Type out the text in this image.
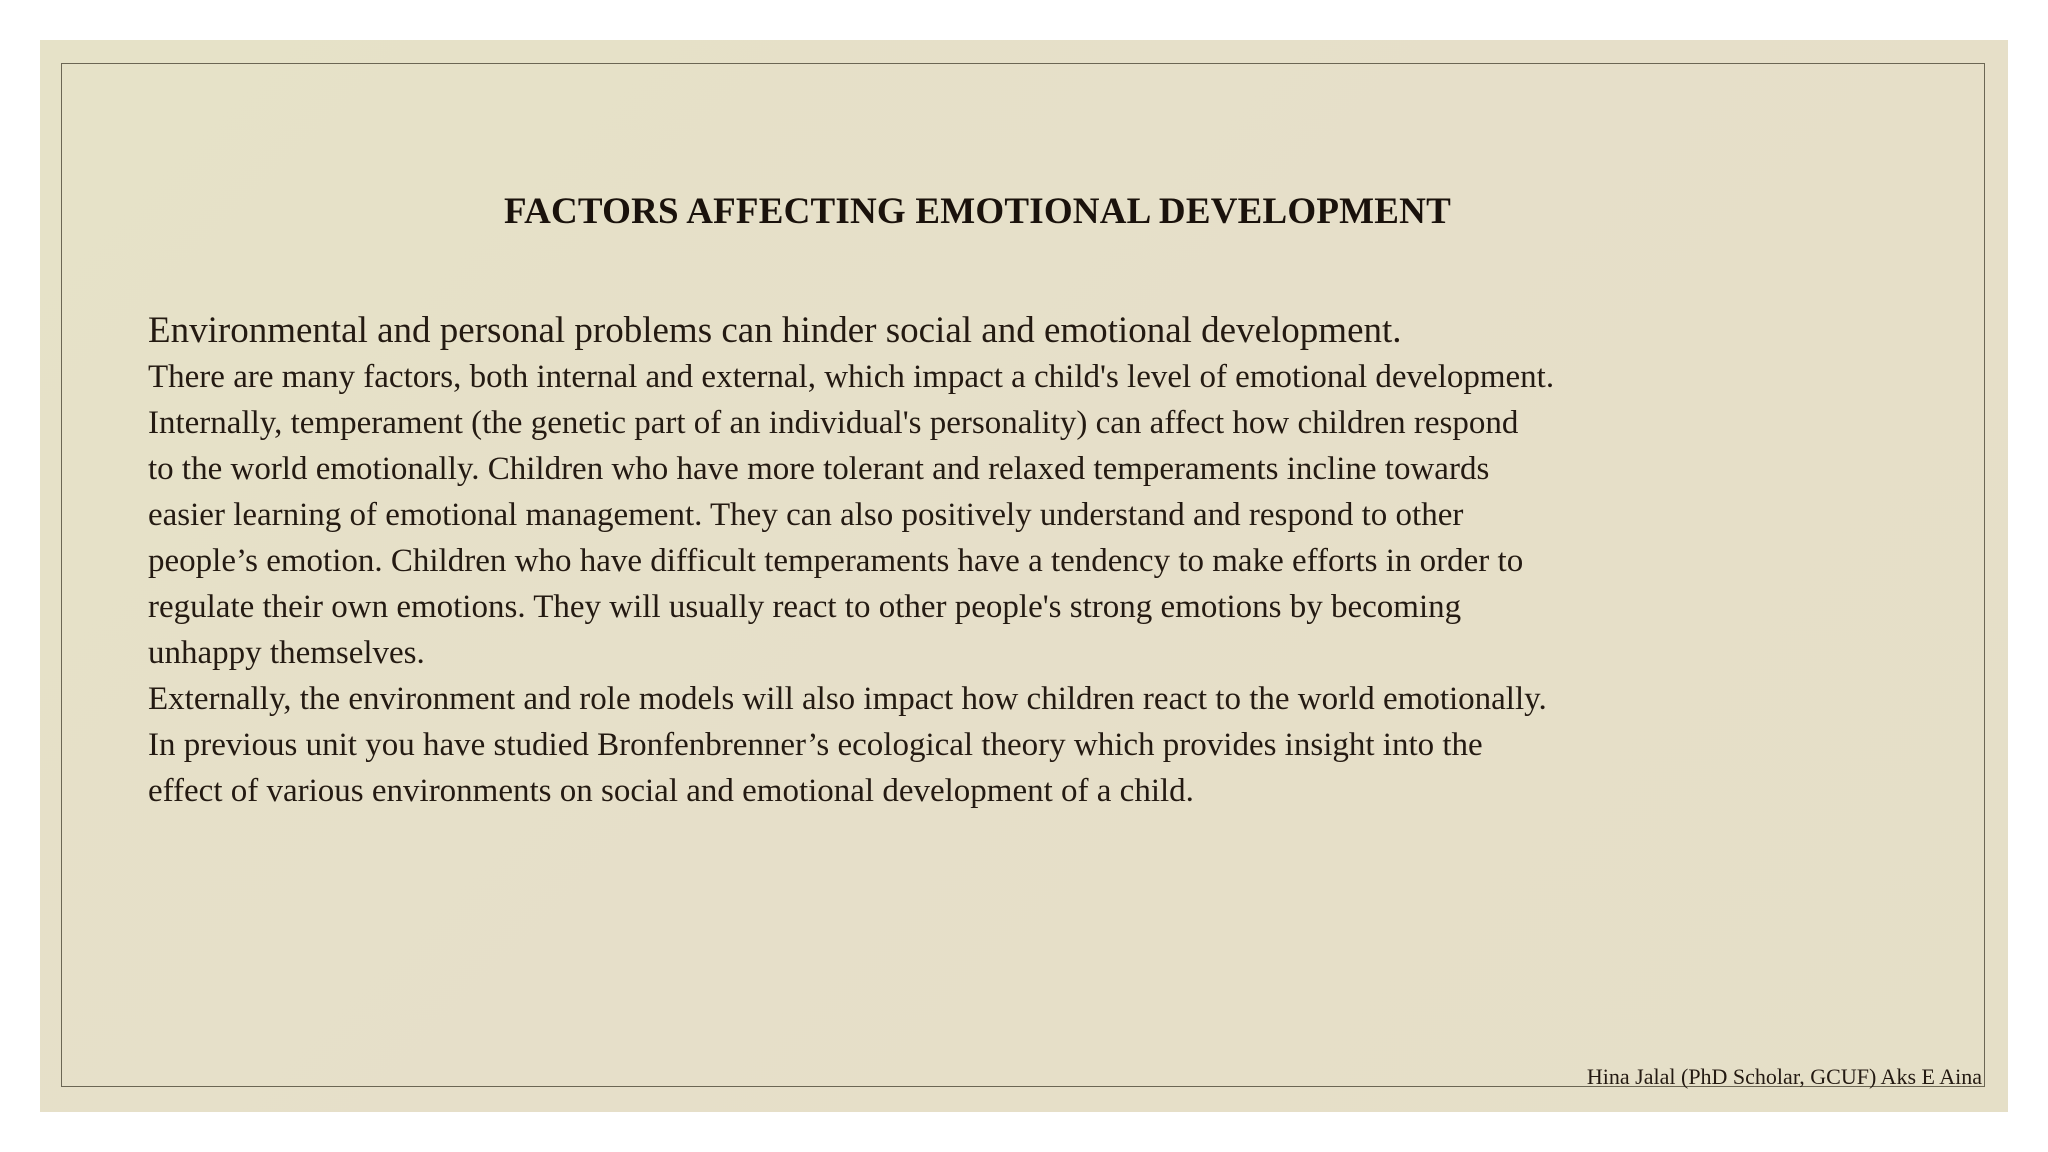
FACTORS AFFECTING EMOTIONAL DEVELOPMENT

Environmental and personal problems can hinder social and emotional development.

There are many factors, both internal and external, which impact a child's level of emotional development.

Internally, temperament (the genetic part of an individual's personality) can affect how children respond

to the world emotionally. Children who have more tolerant and relaxed temperaments incline towards

easier learning of emotional management. They can also positively understand and respond to other

people’s emotion. Children who have difficult temperaments have a tendency to make efforts in order to

regulate their own emotions. They will usually react to other people's strong emotions by becoming

unhappy themselves.

Externally, the environment and role models will also impact how children react to the world emotionally.

In previous unit you have studied Bronfenbrenner’s ecological theory which provides insight into the

effect of various environments on social and emotional development of a child.

Hina Jalal (PhD Scholar, GCUF) Aks E Aina
